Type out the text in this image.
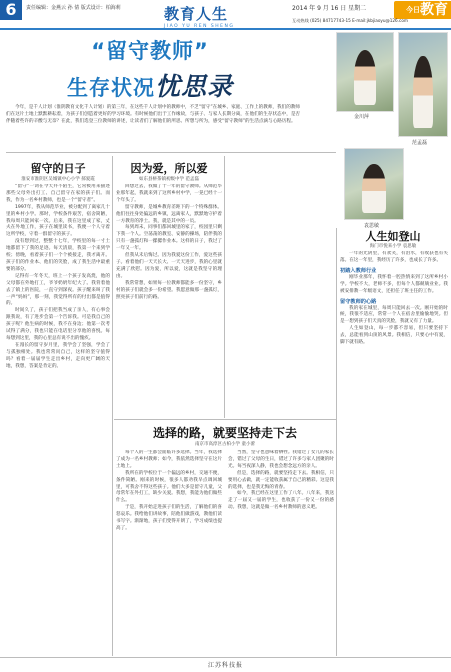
6	责任编辑：金燕云 孙 倩 版式设计：柏海莉	教育人生
JIAO YU REN SHENG
2014 年 9 月 16 日 星期二	$^{今日}$教育
互动热线 (025) 84717743-15 E-mail:jkbjiaoyu@126.com
“留守教师”
生存状况忧思录
金川萍
范孟磊
袁思敏
今年，是千人计划（淮阴教育文化千人计划）的第三年，在这些千人计划中的教师中，不乏“留守”在城乡、家庭、工作上的教师，我们的教师们在这片土地上默默耕耘着，为孩子们创造着更好的学习环境。有时候他们出于工作缘故，与孩子、与家人长期分离，在他们的生存状态中，是否伴随着些许的辛酸与无奈？在此，我们选登三位教师的讲述，让读者们了解他们的所思、所想与所为，感受“留守教师”的生活点滴与心路历程。
留守的日子
淮安市淮阴区吴城镇中心小学 郝爱霞

“留守”一词在今天并不陌生，它常被用来描述那些父母外出打工、自己留守在家的孩子们。而我，作为一名乡村教师，也是一个“留守者”。

1997年，我从师范毕业，被分配到了离家几十里的乡村小学。那时，学校条件艰苦，宿舍简陋，我每周只能回家一次。后来，我在这里成了家，丈夫在外地工作，孩子在城里读书，我便一个人守着这所学校，守着一群留守的孩子。

没有想到过，整整十七年，学校里的每一寸土地都留下了我的足迹。每天清晨，我第一个来到学校；傍晚，看着孩子们一个个被接走，我才离开。孩子们的作业本、他们的笑脸，成了我生活中最重要的部分。

记得有一年冬天，班上一个孩子发高烧，他的父母都在外地打工，爷爷奶奶年纪大了。我背着他去了镇上的医院，一直守到深夜。孩子醒来叫了我一声“妈妈”，那一刻，我觉得所有的付出都是值得的。

时间久了，孩子们把我当成了亲人，有心事会跟我说，有了进步会第一个告诉我。可是我自己的孩子呢？他生病的时候，我不在身边；他第一次考试得了满分，我也只能在电话里分享他的喜悦。每每想到这里，我的心里总有说不出的愧疚。

在漫长的留守岁月里，我学会了坚强，学会了与孤独相处。我也常常问自己，这样的坚守值得吗？看着一届届学生走出乡村，走向更广阔的天地，我想，答案是肯定的。

因为爱，所以爱
如东县栟茶镇初级中学 范孟磊

回想过去，我做了十一年的留守教师。从师范毕业那年起，我就来到了这所乡村中学，一晃已经十一个年头了。

留守教师，是城乡教育差距下的一个特殊群体。他们往往身处偏远的乡镇，远离家人，默默地守护着一方教育的净土。我，就是其中的一员。

每到周末，同事们都回城里的家了，校园里只剩下我一个人。空荡荡的教室、安静的操场，陪伴我的只有一盏孤灯和一摞摞作业本。这样的日子，我过了一年又一年。

但我从未后悔过。因为我爱这份工作，爱这些孩子。看着他们一天天长大、一天天进步，我的心里就充满了欣慰。因为爱，所以爱，这就是我坚守的理由。

我常常想，如果每一位教师都能多一份坚守，乡村的孩子们就会多一份希望。我愿意做那一盏孤灯，照亮孩子们前行的路。

人生如登山
海门市悦来小学 袁思敏

一年的光阴里，有欢笑，有泪水，有收获也有失落。在这一年里，我经历了许多，也成长了许多。

初踏入教师行业

刚毕业那年，我怀着一腔热情来到了这所乡村小学。学校不大，老师不多，但每个人都兢兢业业。我被安排教一年级语文，还担任了班主任的工作。

留守教师的心路

我的家在城里，每周只能回去一次。刚开始的时候，我很不适应，常常一个人在宿舍里偷偷地哭。但是一想到孩子们天真的笑脸，我就又有了力量。

人生如登山，每一步都不容易，但只要坚持下去，总能看到山顶的风景。我相信，只要心中有爱，脚下就有路。

选择的路，就要坚持走下去
南京市高淳区古柏小学 童小蕾

每个人的一生都会面临许多选择。当年，我选择了成为一名乡村教师；如今，我依然选择坚守在这片土地上。

我所在的学校位于一个偏远的乡村，交通不便，条件简陋。刚来的时候，很多人都劝我早点调回城里，可我舍不得这些孩子。他们大多是留守儿童，父母常年在外打工，缺少关爱。我想，我能为他们做些什么。

于是，我开始走进孩子们的生活，了解他们的喜怒哀乐。我给他们讲故事，陪他们做游戏，教他们读书写字。渐渐地，孩子们变得开朗了，学习成绩也提高了。

当然，坚守也意味着牺牲。我错过了女儿的家长会，错过了父母的生日，错过了许多与家人团聚的时光。每当夜深人静，我也会想念远方的亲人。

但是，选择的路，就要坚持走下去。我相信，只要用心去做，就一定能收获属于自己的精彩。这是我的选择，也是我无悔的青春。

如今，我已经在这里工作了八年。八年来，我送走了一届又一届的学生，也收获了一份又一份的感动。我想，这就是做一名乡村教师的意义吧。

江苏科技报
